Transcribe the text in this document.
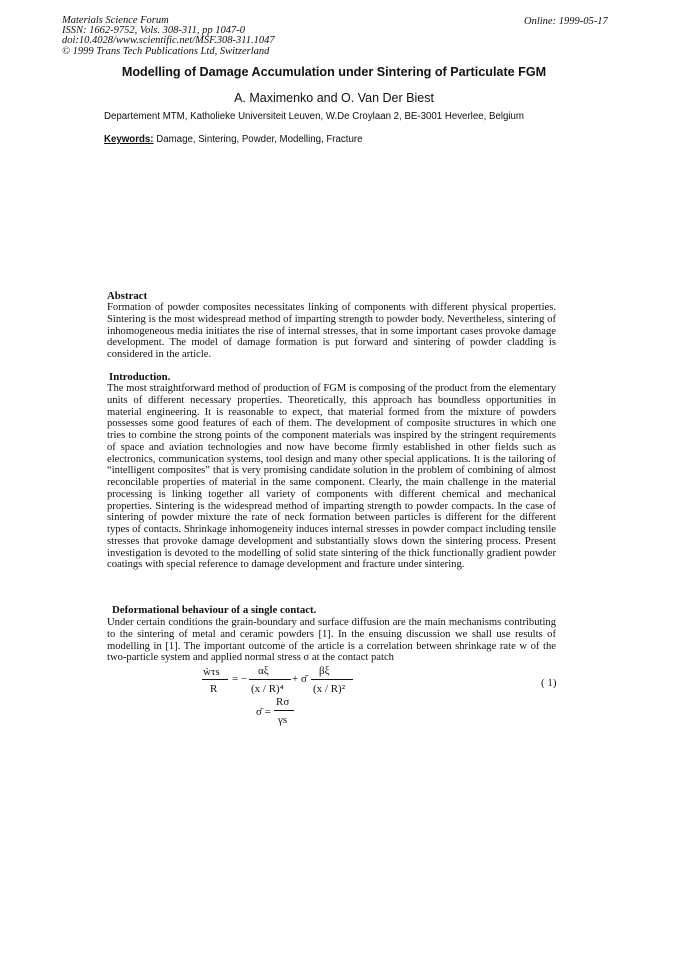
Materials Science Forum
ISSN: 1662-9752, Vols. 308-311, pp 1047-0
doi:10.4028/www.scientific.net/MSF.308-311.1047
© 1999 Trans Tech Publications Ltd, Switzerland
Online: 1999-05-17
Modelling of Damage Accumulation under Sintering of Particulate FGM
A. Maximenko and O. Van Der Biest
Departement MTM, Katholieke Universiteit Leuven, W.De Croylaan 2, BE-3001 Heverlee, Belgium
Keywords: Damage, Sintering, Powder, Modelling, Fracture
Abstract
Formation of powder composites necessitates linking of components with different physical properties. Sintering is the most widespread method of imparting strength to powder body. Nevertheless, sintering of inhomogeneous media initiates the rise of internal stresses, that in some important cases provoke damage development. The model of damage formation is put forward and sintering of powder cladding is considered in the article.
Introduction.
The most straightforward method of production of FGM is composing of the product from the elementary units of different necessary properties. Theoretically, this approach has boundless opportunities in material engineering. It is reasonable to expect, that material formed from the mixture of powders possesses some good features of each of them. The development of composite structures in which one tries to combine the strong points of the component materials was inspired by the stringent requirements of space and aviation technologies and now have become firmly established in other fields such as electronics, communication systems, tool design and many other special applications. It is the tailoring of “intelligent composites” that is very promising candidate solution in the problem of combining of almost reconcilable properties of material in the same component. Clearly, the main challenge in the material processing is linking together all variety of components with different chemical and mechanical properties. Sintering is the widespread method of imparting strength to powder compacts. In the case of sintering of powder mixture the rate of neck formation between particles is different for the different types of contacts. Shrinkage inhomogeneity induces internal stresses in powder compact including tensile stresses that provoke damage development and substantially slows down the sintering process. Present investigation is devoted to the modelling of solid state sintering of the thick functionally gradient powder coatings with special reference to damage development and fracture under sintering.
Deformational behaviour of a single contact.
Under certain conditions the grain-boundary and surface diffusion are the main mechanisms contributing to the sintering of metal and ceramic powders [1]. In the ensuing discussion we shall use results of modelling in [1]. The important outcome of the article is a correlation between shrinkage rate w of the two-particle system and applied normal stress σ at the contact patch
ẇτs
R
= −
αξ
(x / R)⁴
+ σ̄
βξ
(x / R)²	( 1)
σ̄ =
Rσ
γs
